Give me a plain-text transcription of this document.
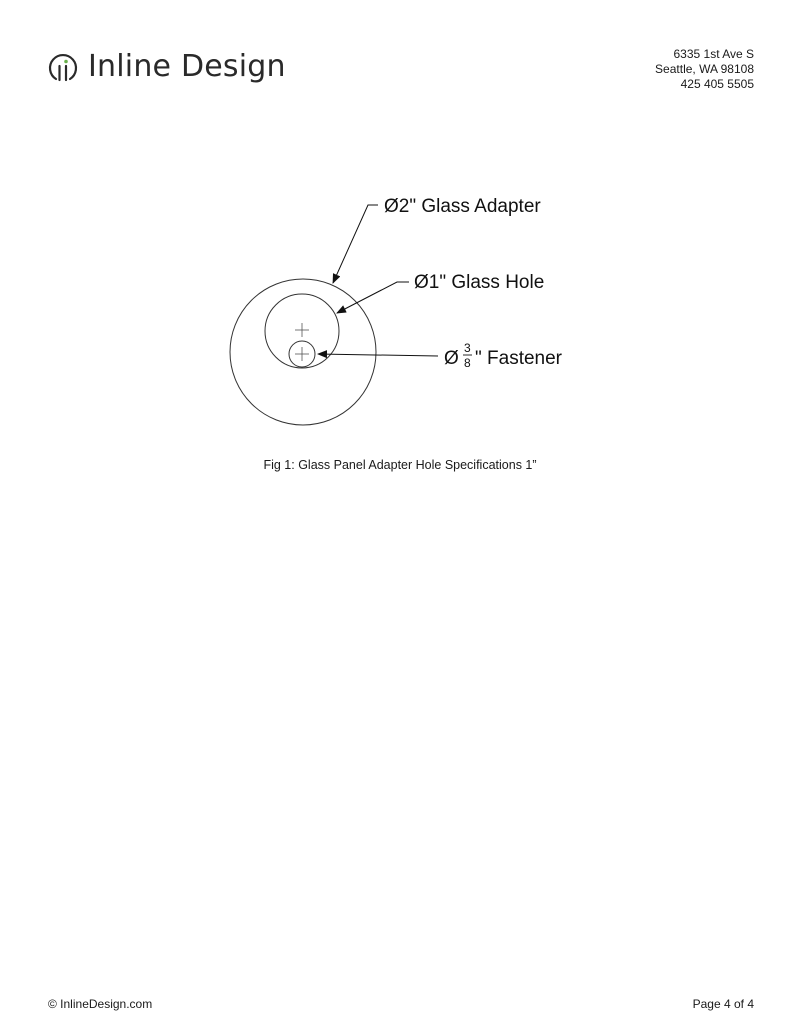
Inline Design	6335 1st Ave S
Seattle, WA 98108
425 405 5505
Ø2" Glass Adapter
Ø1" Glass Hole
Ø 3
8 " Fastener
Fig 1: Glass Panel Adapter Hole Specifications 1”
© InlineDesign.com	Page 4 of 4
